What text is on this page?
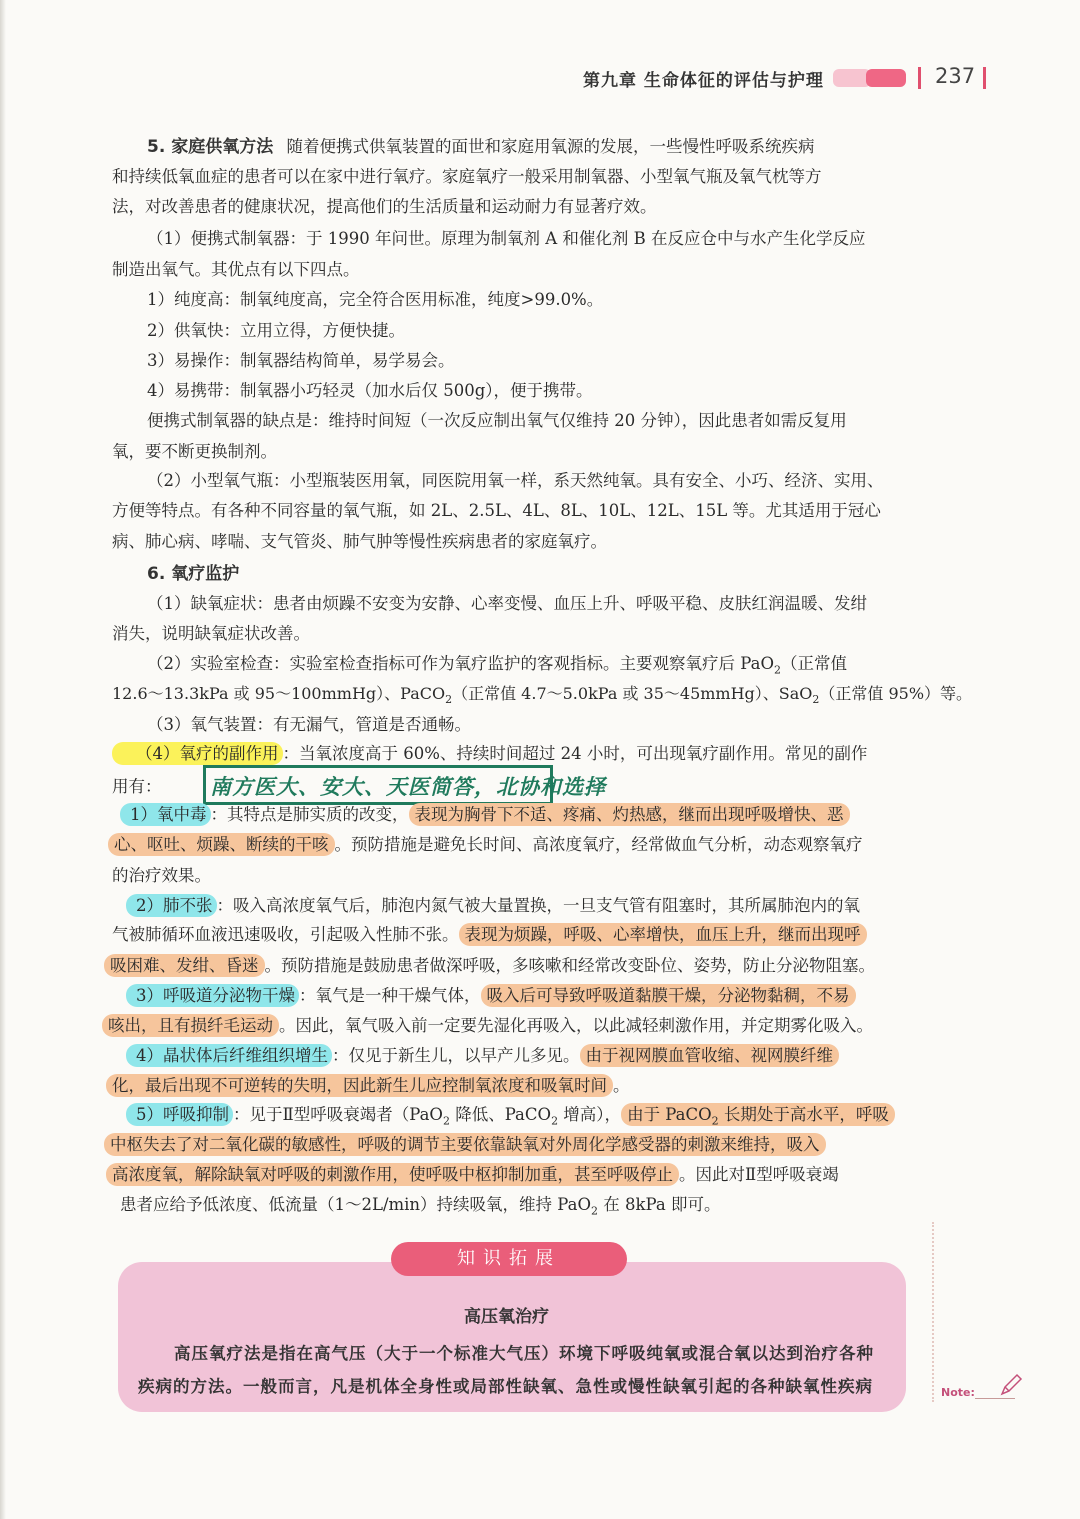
第九章 生命体征的评估与护理	237
5. 家庭供氧方法 随着便携式供氧装置的面世和家庭用氧源的发展，一些慢性呼吸系统疾病
和持续低氧血症的患者可以在家中进行氧疗。家庭氧疗一般采用制氧器、小型氧气瓶及氧气枕等方
法，对改善患者的健康状况，提高他们的生活质量和运动耐力有显著疗效。
（1）便携式制氧器：于 1990 年问世。原理为制氧剂 A 和催化剂 B 在反应仓中与水产生化学反应
制造出氧气。其优点有以下四点。
1）纯度高：制氧纯度高，完全符合医用标准，纯度>99.0%。
2）供氧快：立用立得，方便快捷。
3）易操作：制氧器结构简单，易学易会。
4）易携带：制氧器小巧轻灵（加水后仅 500g），便于携带。
便携式制氧器的缺点是：维持时间短（一次反应制出氧气仅维持 20 分钟），因此患者如需反复用
氧，要不断更换制剂。
（2）小型氧气瓶：小型瓶装医用氧，同医院用氧一样，系天然纯氧。具有安全、小巧、经济、实用、
方便等特点。有各种不同容量的氧气瓶，如 2L、2.5L、4L、8L、10L、12L、15L 等。尤其适用于冠心
病、肺心病、哮喘、支气管炎、肺气肿等慢性疾病患者的家庭氧疗。
6. 氧疗监护
（1）缺氧症状：患者由烦躁不安变为安静、心率变慢、血压上升、呼吸平稳、皮肤红润温暖、发绀
消失，说明缺氧症状改善。
（2）实验室检查：实验室检查指标可作为氧疗监护的客观指标。主要观察氧疗后 PaO$_2$（正常值
12.6～13.3kPa 或 95～100mmHg）、PaCO$_2$（正常值 4.7～5.0kPa 或 35～45mmHg）、SaO$_2$（正常值 95%）等。
（3）氧气装置：有无漏气，管道是否通畅。
（4）氧疗的副作用 ：当氧浓度高于 60%、持续时间超过 24 小时，可出现氧疗副作用。常见的副作
用有： 南方医大、安大、天医简答，北协和选择
1）氧中毒 ：其特点是肺实质的改变， 表现为胸骨下不适、疼痛、灼热感，继而出现呼吸增快、恶
心、呕吐、烦躁、断续的干咳 。预防措施是避免长时间、高浓度氧疗，经常做血气分析，动态观察氧疗
的治疗效果。
2）肺不张 ：吸入高浓度氧气后，肺泡内氮气被大量置换，一旦支气管有阻塞时，其所属肺泡内的氧
气被肺循环血液迅速吸收，引起吸入性肺不张。 表现为烦躁，呼吸、心率增快，血压上升，继而出现呼
吸困难、发绀、昏迷 。预防措施是鼓励患者做深呼吸，多咳嗽和经常改变卧位、姿势，防止分泌物阻塞。
3）呼吸道分泌物干燥 ：氧气是一种干燥气体， 吸入后可导致呼吸道黏膜干燥，分泌物黏稠，不易
咳出，且有损纤毛运动 。因此，氧气吸入前一定要先湿化再吸入，以此减轻刺激作用，并定期雾化吸入。
4）晶状体后纤维组织增生 ：仅见于新生儿，以早产儿多见。 由于视网膜血管收缩、视网膜纤维
化，最后出现不可逆转的失明，因此新生儿应控制氧浓度和吸氧时间 。
5）呼吸抑制 ：见于Ⅱ型呼吸衰竭者（PaO$_2$ 降低、PaCO$_2$ 增高）， 由于 PaCO$_2$ 长期处于高水平，呼吸
中枢失去了对二氧化碳的敏感性，呼吸的调节主要依靠缺氧对外周化学感受器的刺激来维持，吸入
高浓度氧，解除缺氧对呼吸的刺激作用，使呼吸中枢抑制加重，甚至呼吸停止 。因此对Ⅱ型呼吸衰竭
患者应给予低浓度、低流量（1～2L/min）持续吸氧，维持 PaO$_2$ 在 8kPa 即可。
Note:
知识拓展
高压氧治疗
高压氧疗法是指在高气压（大于一个标准大气压）环境下呼吸纯氧或混合氧以达到治疗各种
疾病的方法。一般而言，凡是机体全身性或局部性缺氧、急性或慢性缺氧引起的各种缺氧性疾病
